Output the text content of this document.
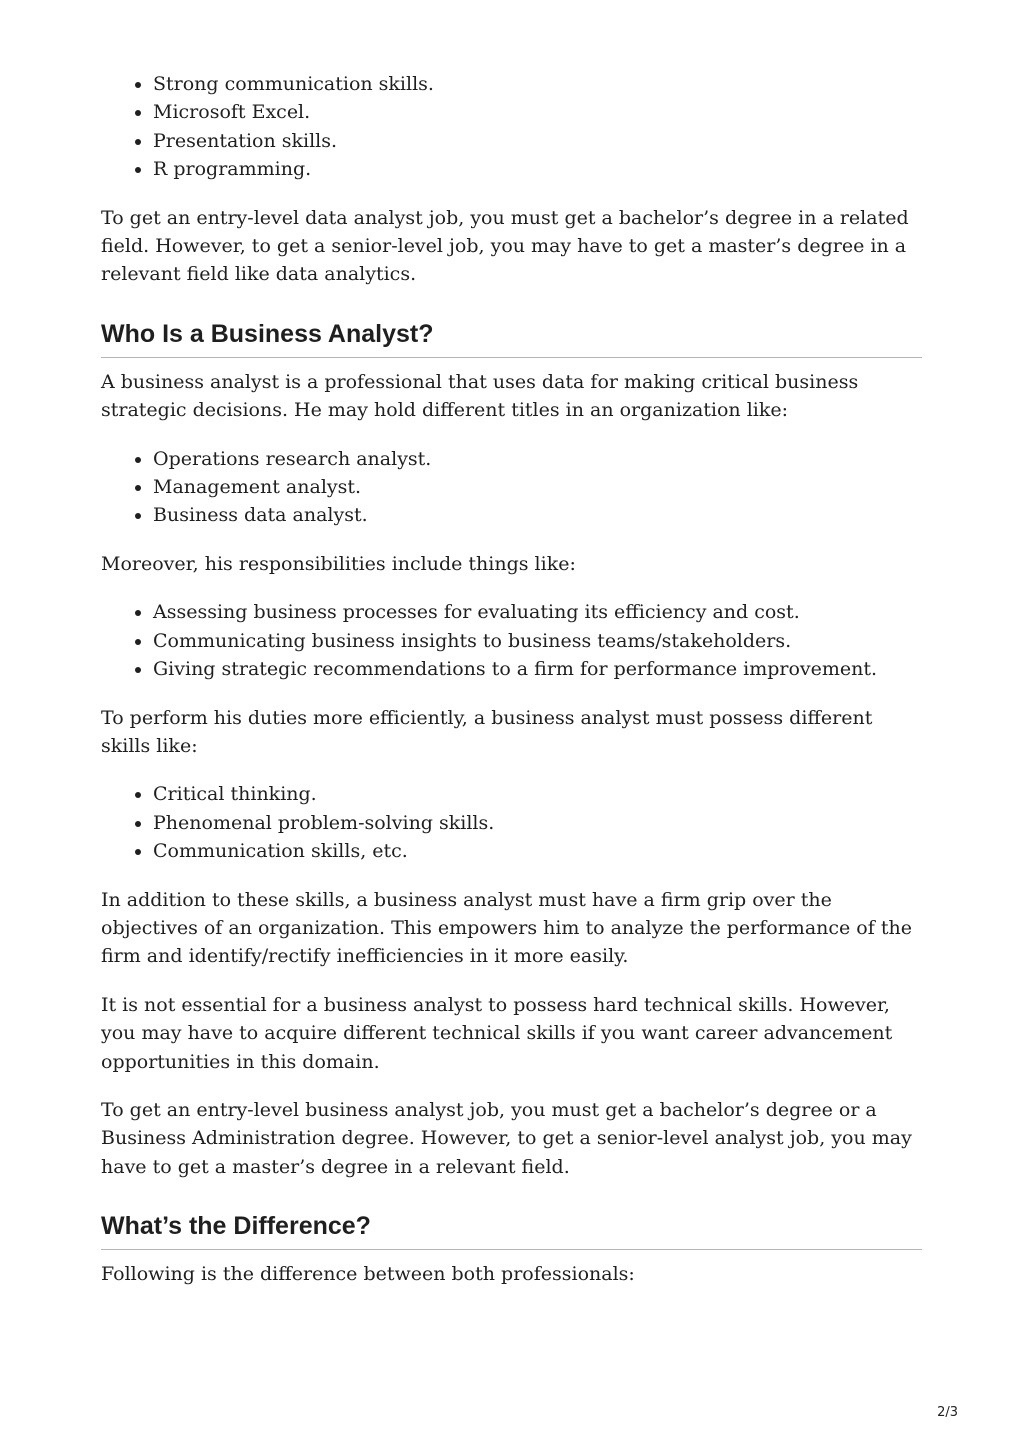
• Strong communication skills.
• Microsoft Excel.
• Presentation skills.
• R programming.

To get an entry-level data analyst job, you must get a bachelor’s degree in a related field. However, to get a senior-level job, you may have to get a master’s degree in a relevant field like data analytics.

Who Is a Business Analyst?

A business analyst is a professional that uses data for making critical business strategic decisions. He may hold different titles in an organization like:

• Operations research analyst.
• Management analyst.
• Business data analyst.

Moreover, his responsibilities include things like:

• Assessing business processes for evaluating its efficiency and cost.
• Communicating business insights to business teams/stakeholders.
• Giving strategic recommendations to a firm for performance improvement.

To perform his duties more efficiently, a business analyst must possess different skills like:

• Critical thinking.
• Phenomenal problem-solving skills.
• Communication skills, etc.

In addition to these skills, a business analyst must have a firm grip over the objectives of an organization. This empowers him to analyze the performance of the firm and identify/rectify inefficiencies in it more easily.

It is not essential for a business analyst to possess hard technical skills. However, you may have to acquire different technical skills if you want career advancement opportunities in this domain.

To get an entry-level business analyst job, you must get a bachelor’s degree or a Business Administration degree. However, to get a senior-level analyst job, you may have to get a master’s degree in a relevant field.

What’s the Difference?

Following is the difference between both professionals:

2/3
